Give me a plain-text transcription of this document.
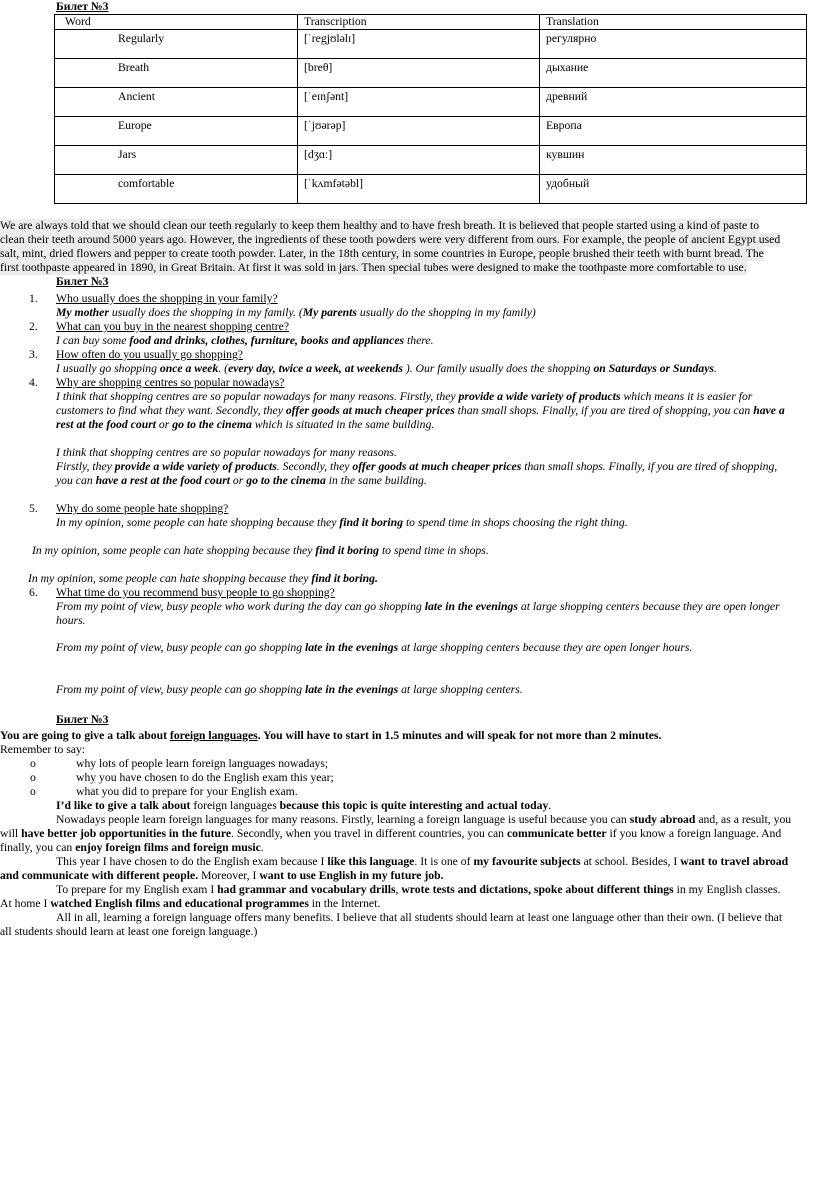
Билет №3
Word	Transcription	Translation

Regularly	[ˈregjʊləlɪ]	регулярно

Breath	[breθ]	дыхание

Ancient	[ˈeɪnʃənt]	древний

Europe	[ˈjʊərəp]	Европа

Jars	[dʒɑː]	кувшин

comfortable	[ˈkʌmfətəbl]	удобный
We are always told that we should clean our teeth regularly to keep them healthy and to have fresh breath. It is believed that people started using a kind of paste to
clean their teeth around 5000 years ago. However, the ingredients of these tooth powders were very different from ours. For example, the people of ancient Egypt used
salt, mint, dried flowers and pepper to create tooth powder. Later, in the 18th century, in some countries in Europe, people brushed their teeth with burnt bread. The
first toothpaste appeared in 1890, in Great Britain. At first it was sold in jars. Then special tubes were designed to make the toothpaste more comfortable to use.
Билет №3
1. Who usually does the shopping in your family?
My mother usually does the shopping in my family. (My parents usually do the shopping in my family)
2. What can you buy in the nearest shopping centre?
I can buy some food and drinks, clothes, furniture, books and appliances there.
3. How often do you usually go shopping?
I usually go shopping once a week. (every day, twice a week, at weekends ). Our family usually does the shopping on Saturdays or Sundays.
4. Why are shopping centres so popular nowadays?
I think that shopping centres are so popular nowadays for many reasons. Firstly, they provide a wide variety of products which means it is easier for
customers to find what they want. Secondly, they offer goods at much cheaper prices than small shops. Finally, if you are tired of shopping, you can have a
rest at the food court or go to the cinema which is situated in the same building.
I think that shopping centres are so popular nowadays for many reasons.
Firstly, they provide a wide variety of products. Secondly, they offer goods at much cheaper prices than small shops. Finally, if you are tired of shopping,
you can have a rest at the food court or go to the cinema in the same building.
5. Why do some people hate shopping?
In my opinion, some people can hate shopping because they find it boring to spend time in shops choosing the right thing.
In my opinion, some people can hate shopping because they find it boring to spend time in shops.
In my opinion, some people can hate shopping because they find it boring.
6. What time do you recommend busy people to go shopping?
From my point of view, busy people who work during the day can go shopping late in the evenings at large shopping centers because they are open longer
hours.
From my point of view, busy people can go shopping late in the evenings at large shopping centers because they are open longer hours.
From my point of view, busy people can go shopping late in the evenings at large shopping centers.
Билет №3
You are going to give a talk about foreign languages. You will have to start in 1.5 minutes and will speak for not more than 2 minutes.
Remember to say:
o	why lots of people learn foreign languages nowadays;
o	why you have chosen to do the English exam this year;
o	what you did to prepare for your English exam.
I’d like to give a talk about foreign languages because this topic is quite interesting and actual today.
Nowadays people learn foreign languages for many reasons. Firstly, learning a foreign language is useful because you can study abroad and, as a result, you
will have better job opportunities in the future. Secondly, when you travel in different countries, you can communicate better if you know a foreign language. And
finally, you can enjoy foreign films and foreign music.
This year I have chosen to do the English exam because I like this language. It is one of my favourite subjects at school. Besides, I want to travel abroad
and communicate with different people. Moreover, I want to use English in my future job.
To prepare for my English exam I had grammar and vocabulary drills, wrote tests and dictations, spoke about different things in my English classes.
At home I watched English films and educational programmes in the Internet.
All in all, learning a foreign language offers many benefits. I believe that all students should learn at least one language other than their own. (I believe that
all students should learn at least one foreign language.)
